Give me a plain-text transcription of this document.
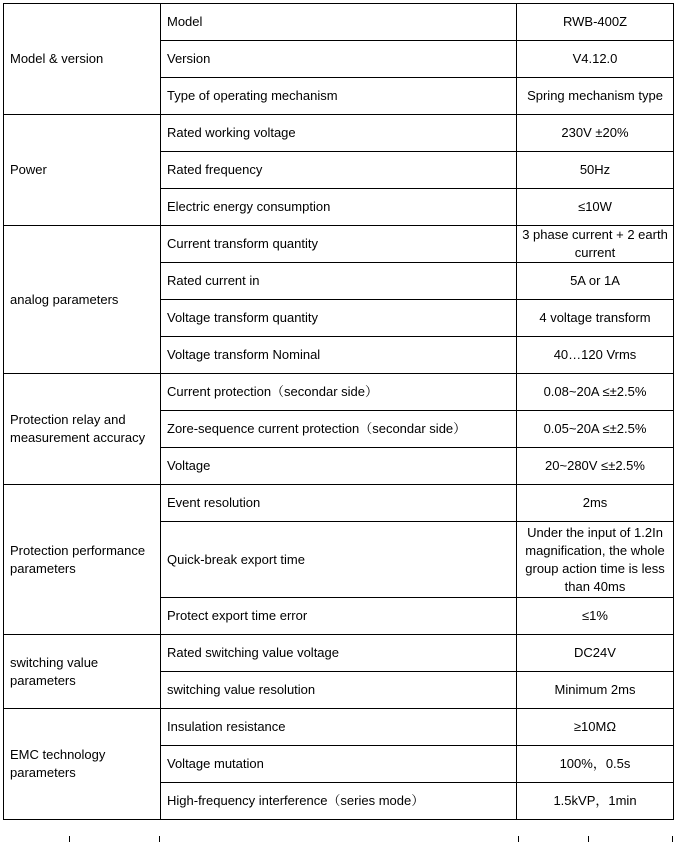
Model & version	Model	RWB-400Z
	Version	V4.12.0
	Type of operating mechanism	Spring mechanism type
Power	Rated working voltage	230V ±20%
	Rated frequency	50Hz
	Electric energy consumption	≤10W
analog parameters	Current transform quantity	3 phase current + 2 earth current
	Rated current in	5A or 1A
	Voltage transform quantity	4 voltage transform
	Voltage transform Nominal	40…120 Vrms
Protection relay and measurement accuracy	Current protection（secondar side）	0.08~20A ≤±2.5%
	Zore-sequence current protection（secondar side）	0.05~20A ≤±2.5%
	Voltage	20~280V ≤±2.5%
Protection performance parameters	Event resolution	2ms
	Quick-break export time	Under the input of 1.2In magnification, the whole group action time is less than 40ms
	Protect export time error	≤1%
switching value parameters	Rated switching value voltage	DC24V
	switching value resolution	Minimum 2ms
EMC technology parameters	Insulation resistance	≥10MΩ
	Voltage mutation	100%，0.5s
	High-frequency interference（series mode）	1.5kVP，1min
